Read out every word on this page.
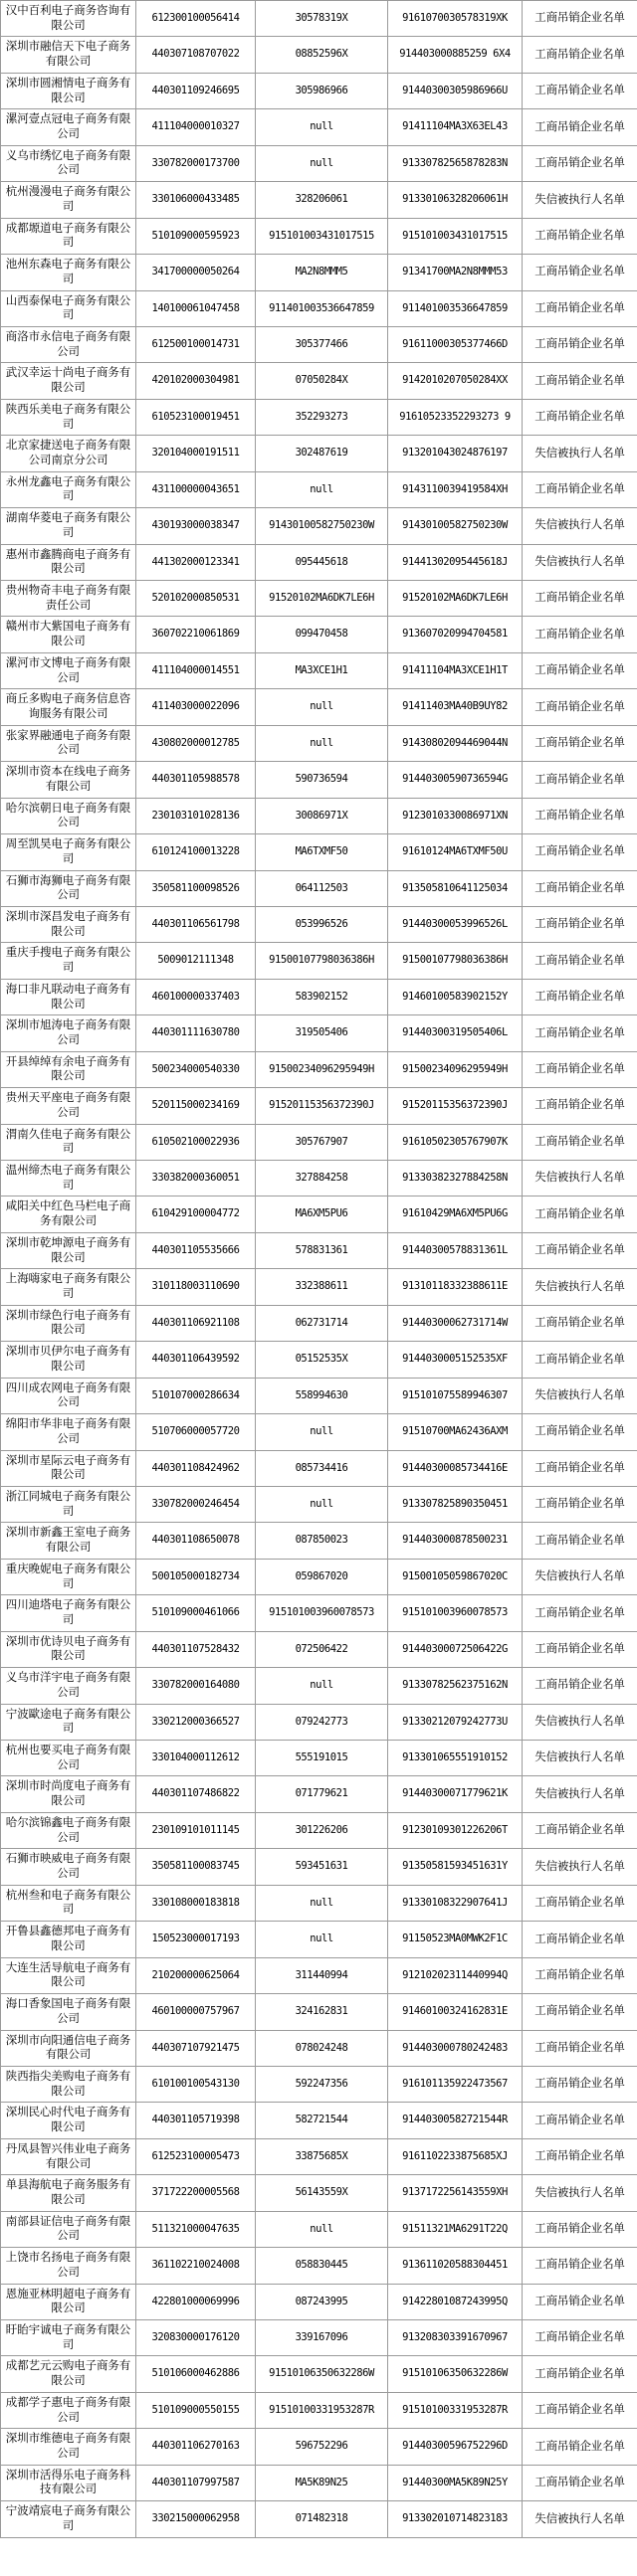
汉中百利电子商务咨询有限公司	612300100056414	30578319X	9161070030578319XK	工商吊销企业名单
深圳市融信天下电子商务有限公司	440307108707022	08852596X	914403000885259 6X4	工商吊销企业名单
深圳市圆湘情电子商务有限公司	440301109246695	305986966	91440300305986966U	工商吊销企业名单
漯河壹点冠电子商务有限公司	411104000010327	null	91411104MA3X63EL43	工商吊销企业名单
义乌市绣忆电子商务有限公司	330782000173700	null	91330782565878283N	工商吊销企业名单
杭州漫漫电子商务有限公司	330106000433485	328206061	91330106328206061H	失信被执行人名单
成都塬道电子商务有限公司	510109000595923	915101003431017515	915101003431017515	工商吊销企业名单
池州东森电子商务有限公司	341700000050264	MA2N8MMM5	91341700MA2N8MMM53	工商吊销企业名单
山西泰保电子商务有限公司	140100061047458	911401003536647859	911401003536647859	工商吊销企业名单
商洛市永信电子商务有限公司	612500100014731	305377466	91611000305377466D	工商吊销企业名单
武汉幸运十尚电子商务有限公司	420102000304981	07050284X	9142010207050284XX	工商吊销企业名单
陕西乐美电子商务有限公司	610523100019451	352293273	91610523352293273 9	工商吊销企业名单
北京家捷送电子商务有限公司南京分公司	320104000191511	302487619	913201043024876197	失信被执行人名单
永州龙鑫电子商务有限公司	431100000043651	null	9143110039419584XH	工商吊销企业名单
湖南华菱电子商务有限公司	430193000038347	91430100582750230W	91430100582750230W	失信被执行人名单
惠州市鑫腾商电子商务有限公司	441302000123341	095445618	91441302095445618J	失信被执行人名单
贵州物奇丰电子商务有限责任公司	520102000850531	91520102MA6DK7LE6H	91520102MA6DK7LE6H	工商吊销企业名单
赣州市大紫国电子商务有限公司	360702210061869	099470458	913607020994704581	工商吊销企业名单
漯河市文博电子商务有限公司	411104000014551	MA3XCE1H1	91411104MA3XCE1H1T	工商吊销企业名单
商丘多购电子商务信息咨询服务有限公司	411403000022096	null	91411403MA40B9UY82	工商吊销企业名单
张家界融通电子商务有限公司	430802000012785	null	91430802094469044N	工商吊销企业名单
深圳市资本在线电子商务有限公司	440301105988578	590736594	91440300590736594G	工商吊销企业名单
哈尔滨朝日电子商务有限公司	230103101028136	30086971X	9123010330086971XN	工商吊销企业名单
周至凯昊电子商务有限公司	610124100013228	MA6TXMF50	91610124MA6TXMF50U	工商吊销企业名单
石狮市海狮电子商务有限公司	350581100098526	064112503	913505810641125034	工商吊销企业名单
深圳市深昌发电子商务有限公司	440301106561798	053996526	91440300053996526L	工商吊销企业名单
重庆手搜电子商务有限公司	5009012111348	91500107798036386H	91500107798036386H	工商吊销企业名单
海口非凡联动电子商务有限公司	460100000337403	583902152	91460100583902152Y	工商吊销企业名单
深圳市旭涛电子商务有限公司	440301111630780	319505406	91440300319505406L	工商吊销企业名单
开县绰绰有余电子商务有限公司	500234000540330	91500234096295949H	91500234096295949H	工商吊销企业名单
贵州天平座电子商务有限公司	520115000234169	91520115356372390J	91520115356372390J	工商吊销企业名单
渭南久佳电子商务有限公司	610502100022936	305767907	91610502305767907K	工商吊销企业名单
温州缔杰电子商务有限公司	330382000360051	327884258	91330382327884258N	失信被执行人名单
咸阳关中红色马栏电子商务有限公司	610429100004772	MA6XM5PU6	91610429MA6XM5PU6G	工商吊销企业名单
深圳市乾坤源电子商务有限公司	440301105535666	578831361	91440300578831361L	工商吊销企业名单
上海嗨家电子商务有限公司	310118003110690	332388611	91310118332388611E	失信被执行人名单
深圳市绿色行电子商务有限公司	440301106921108	062731714	91440300062731714W	工商吊销企业名单
深圳市贝伊尔电子商务有限公司	440301106439592	05152535X	9144030005152535XF	工商吊销企业名单
四川成农网电子商务有限公司	510107000286634	558994630	915101075589946307	失信被执行人名单
绵阳市华非电子商务有限公司	510706000057720	null	91510700MA62436AXM	工商吊销企业名单
深圳市星际云电子商务有限公司	440301108424962	085734416	91440300085734416E	工商吊销企业名单
浙江同城电子商务有限公司	330782000246454	null	913307825890350451	工商吊销企业名单
深圳市新鑫王室电子商务有限公司	440301108650078	087850023	914403000878500231	工商吊销企业名单
重庆晚妮电子商务有限公司	500105000182734	059867020	91500105059867020C	失信被执行人名单
四川迪塔电子商务有限公司	510109000461066	915101003960078573	915101003960078573	工商吊销企业名单
深圳市优诗贝电子商务有限公司	440301107528432	072506422	91440300072506422G	工商吊销企业名单
义乌市洋宇电子商务有限公司	330782000164080	null	91330782562375162N	工商吊销企业名单
宁波歐途电子商务有限公司	330212000366527	079242773	91330212079242773U	失信被执行人名单
杭州也要买电子商务有限公司	330104000112612	555191015	913301065551910152	失信被执行人名单
深圳市时尚度电子商务有限公司	440301107486822	071779621	91440300071779621K	失信被执行人名单
哈尔滨锦鑫电子商务有限公司	230109101011145	301226206	91230109301226206T	工商吊销企业名单
石狮市映威电子商务有限公司	350581100083745	593451631	91350581593451631Y	失信被执行人名单
杭州叁和电子商务有限公司	330108000183818	null	91330108322907641J	工商吊销企业名单
开鲁县鑫德邦电子商务有限公司	150523000017193	null	91150523MA0MWK2F1C	工商吊销企业名单
大连生活导航电子商务有限公司	210200000625064	311440994	91210202311440994Q	工商吊销企业名单
海口香象国电子商务有限公司	460100000757967	324162831	91460100324162831E	工商吊销企业名单
深圳市向阳通信电子商务有限公司	440307107921475	078024248	914403000780242483	工商吊销企业名单
陕西指尖美购电子商务有限公司	610100100543130	592247356	916101135922473567	工商吊销企业名单
深圳民心时代电子商务有限公司	440301105719398	582721544	91440300582721544R	工商吊销企业名单
丹凤县智兴伟业电子商务有限公司	612523100005473	33875685X	9161102233875685XJ	工商吊销企业名单
单县海航电子商务服务有限公司	371722200005568	56143559X	9137172256143559XH	失信被执行人名单
南部县证信电子商务有限公司	511321000047635	null	91511321MA6291T22Q	工商吊销企业名单
上饶市名扬电子商务有限公司	361102210024008	058830445	913611020588304451	工商吊销企业名单
恩施亚林明超电子商务有限公司	422801000069996	087243995	91422801087243995Q	工商吊销企业名单
盱眙宇诚电子商务有限公司	320830000176120	339167096	913208303391670967	工商吊销企业名单
成都艺元云购电子商务有限公司	510106000462886	91510106350632286W	91510106350632286W	工商吊销企业名单
成都学子惠电子商务有限公司	510109000550155	91510100331953287R	91510100331953287R	工商吊销企业名单
深圳市维德电子商务有限公司	440301106270163	596752296	91440300596752296D	工商吊销企业名单
深圳市活得乐电子商务科技有限公司	440301107997587	MA5K89N25	91440300MA5K89N25Y	工商吊销企业名单
宁波靖宸电子商务有限公司	330215000062958	071482318	913302010714823183	失信被执行人名单
